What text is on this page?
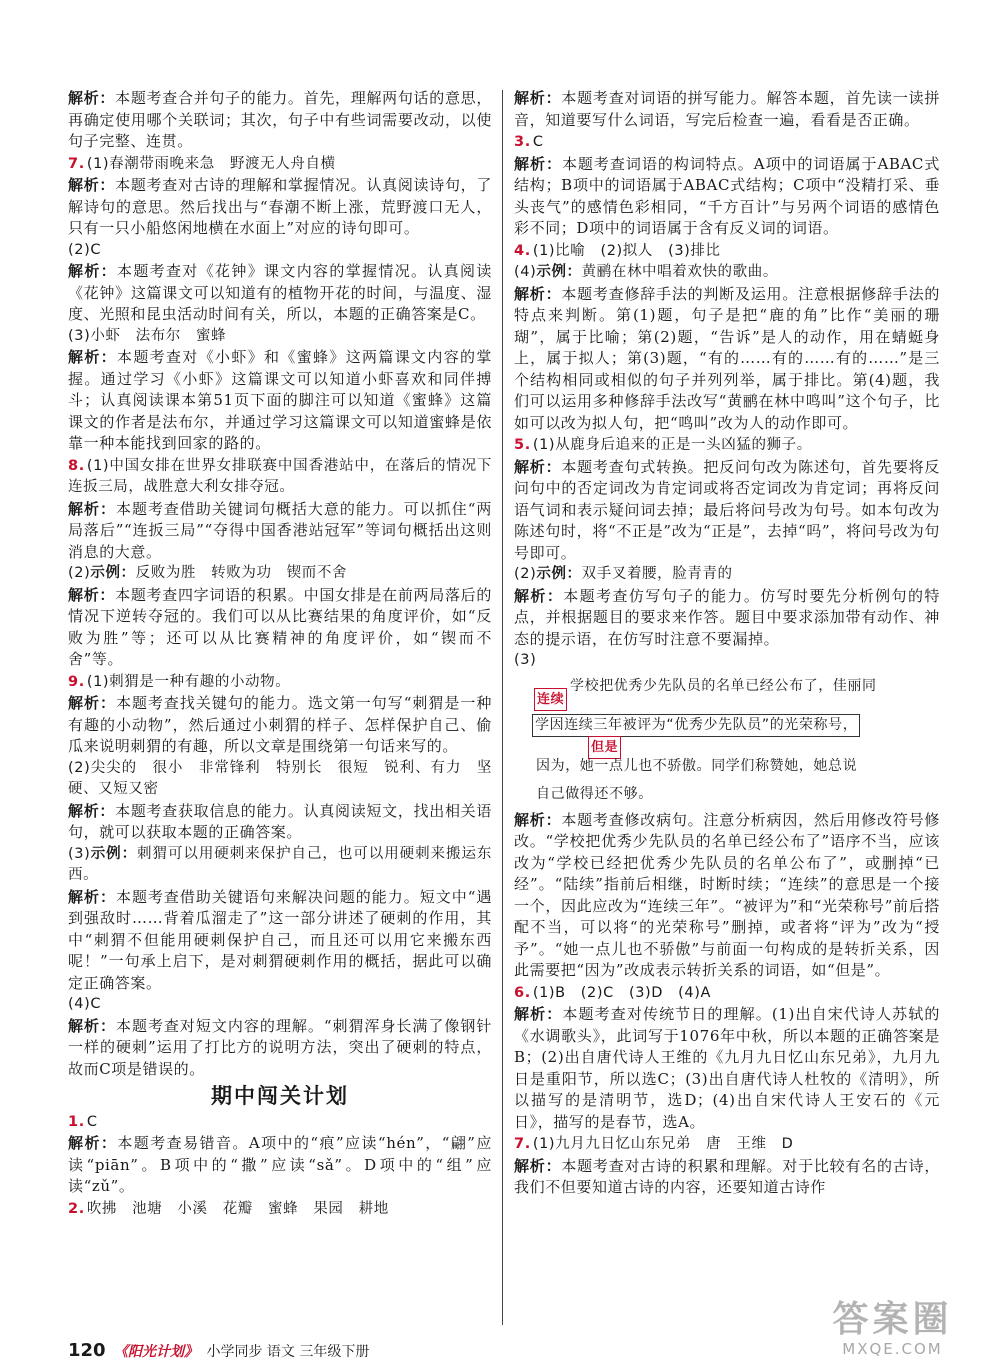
解析：本题考查合并句子的能力。首先，理解两句话的意思，再确定使用哪个关联词；其次，句子中有些词需要改动，以使句子完整、连贯。

7. (1)春潮带雨晚来急　野渡无人舟自横

解析：本题考查对古诗的理解和掌握情况。认真阅读诗句，了解诗句的意思。然后找出与“春潮不断上涨，荒野渡口无人，只有一只小船悠闲地横在水面上”对应的诗句即可。

(2)C

解析：本题考查对《花钟》课文内容的掌握情况。认真阅读《花钟》这篇课文可以知道有的植物开花的时间，与温度、湿度、光照和昆虫活动时间有关，所以，本题的正确答案是C。

(3)小虾　法布尔　蜜蜂

解析：本题考查对《小虾》和《蜜蜂》这两篇课文内容的掌握。通过学习《小虾》这篇课文可以知道小虾喜欢和同伴搏斗；认真阅读课本第51页下面的脚注可以知道《蜜蜂》这篇课文的作者是法布尔，并通过学习这篇课文可以知道蜜蜂是依靠一种本能找到回家的路的。

8. (1)中国女排在世界女排联赛中国香港站中，在落后的情况下连扳三局，战胜意大利女排夺冠。

解析：本题考查借助关键词句概括大意的能力。可以抓住“两局落后”“连扳三局”“夺得中国香港站冠军”等词句概括出这则消息的大意。

(2)示例：反败为胜　转败为功　锲而不舍

解析：本题考查四字词语的积累。中国女排是在前两局落后的情况下逆转夺冠的。我们可以从比赛结果的角度评价，如“反败为胜”等；还可以从比赛精神的角度评价，如“锲而不舍”等。

9. (1)刺猬是一种有趣的小动物。

解析：本题考查找关键句的能力。选文第一句写“刺猬是一种有趣的小动物”，然后通过小刺猬的样子、怎样保护自己、偷瓜来说明刺猬的有趣，所以文章是围绕第一句话来写的。

(2)尖尖的　很小　非常锋利　特别长　很短　锐利、有力　坚硬、又短又密

解析：本题考查获取信息的能力。认真阅读短文，找出相关语句，就可以获取本题的正确答案。

(3)示例：刺猬可以用硬刺来保护自己，也可以用硬刺来搬运东西。

解析：本题考查借助关键语句来解决问题的能力。短文中“遇到强敌时……背着瓜溜走了”这一部分讲述了硬刺的作用，其中“刺猬不但能用硬刺保护自己，而且还可以用它来搬东西呢！”一句承上启下，是对刺猬硬刺作用的概括，据此可以确定正确答案。

(4)C

解析：本题考查对短文内容的理解。“刺猬浑身长满了像钢针一样的硬刺”运用了打比方的说明方法，突出了硬刺的特点，故而C项是错误的。

期中闯关计划

1. C

解析：本题考查易错音。A项中的“痕”应读“hén”，“翩”应读“piān”。B项中的“撒”应读“sǎ”。D项中的“组”应读“zǔ”。

2. 吹拂　池塘　小溪　花瓣　蜜蜂　果园　耕地

解析：本题考查对词语的拼写能力。解答本题，首先读一读拼音，知道要写什么词语，写完后检查一遍，看看是否正确。

3. C

解析：本题考查词语的构词特点。A项中的词语属于ABAC式结构；B项中的词语属于ABAC式结构；C项中“没精打采、垂头丧气”的感情色彩相同，“千方百计”与另两个词语的感情色彩不同；D项中的词语属于含有反义词的词语。

4. (1)比喻　(2)拟人　(3)排比

(4)示例：黄鹂在林中唱着欢快的歌曲。

解析：本题考查修辞手法的判断及运用。注意根据修辞手法的特点来判断。第(1)题，句子是把“鹿的角”比作“美丽的珊瑚”，属于比喻；第(2)题，“告诉”是人的动作，用在蜻蜓身上，属于拟人；第(3)题，“有的……有的……有的……”是三个结构相同或相似的句子并列列举，属于排比。第(4)题，我们可以运用多种修辞手法改写“黄鹂在林中鸣叫”这个句子，比如可以改为拟人句，把“鸣叫”改为人的动作即可。

5. (1)从鹿身后追来的正是一头凶猛的狮子。

解析：本题考查句式转换。把反问句改为陈述句，首先要将反问句中的否定词改为肯定词或将否定词改为肯定词；再将反问语气词和表示疑问词去掉；最后将问号改为句号。如本句改为陈述句时，将“不正是”改为“正是”，去掉“吗”，将问号改为句号即可。

(2)示例：双手叉着腰，脸青青的

解析：本题考查仿写句子的能力。仿写时要先分析例句的特点，并根据题目的要求来作答。题目中要求添加带有动作、神态的提示语，在仿写时注意不要漏掉。

(3)

学校把优秀少先队员的名单已经公布了，佳丽同
连续
学因连续三年被评为“优秀少先队员”的光荣称号，
但是
因为，她一点儿也不骄傲。同学们称赞她，她总说
自己做得还不够。

解析：本题考查修改病句。注意分析病因，然后用修改符号修改。“学校把优秀少先队员的名单已经公布了”语序不当，应该改为“学校已经把优秀少先队员的名单公布了”，或删掉“已经”。“陆续”指前后相继，时断时续；“连续”的意思是一个接一个，因此应改为“连续三年”。“被评为”和“光荣称号”前后搭配不当，可以将“的光荣称号”删掉，或者将“评为”改为“授予”。“她一点儿也不骄傲”与前面一句构成的是转折关系，因此需要把“因为”改成表示转折关系的词语，如“但是”。

6. (1)B　(2)C　(3)D　(4)A

解析：本题考查对传统节日的理解。(1)出自宋代诗人苏轼的《水调歌头》，此词写于1076年中秋，所以本题的正确答案是B；(2)出自唐代诗人王维的《九月九日忆山东兄弟》，九月九日是重阳节，所以选C；(3)出自唐代诗人杜牧的《清明》，所以描写的是清明节，选D；(4)出自宋代诗人王安石的《元日》，描写的是春节，选A。

7. (1)九月九日忆山东兄弟　唐　王维　D

解析：本题考查对古诗的积累和理解。对于比较有名的古诗，我们不但要知道古诗的内容，还要知道古诗作

120 《阳光计划》 小学同步 语文 三年级下册
答案圈
MXQE.COM
